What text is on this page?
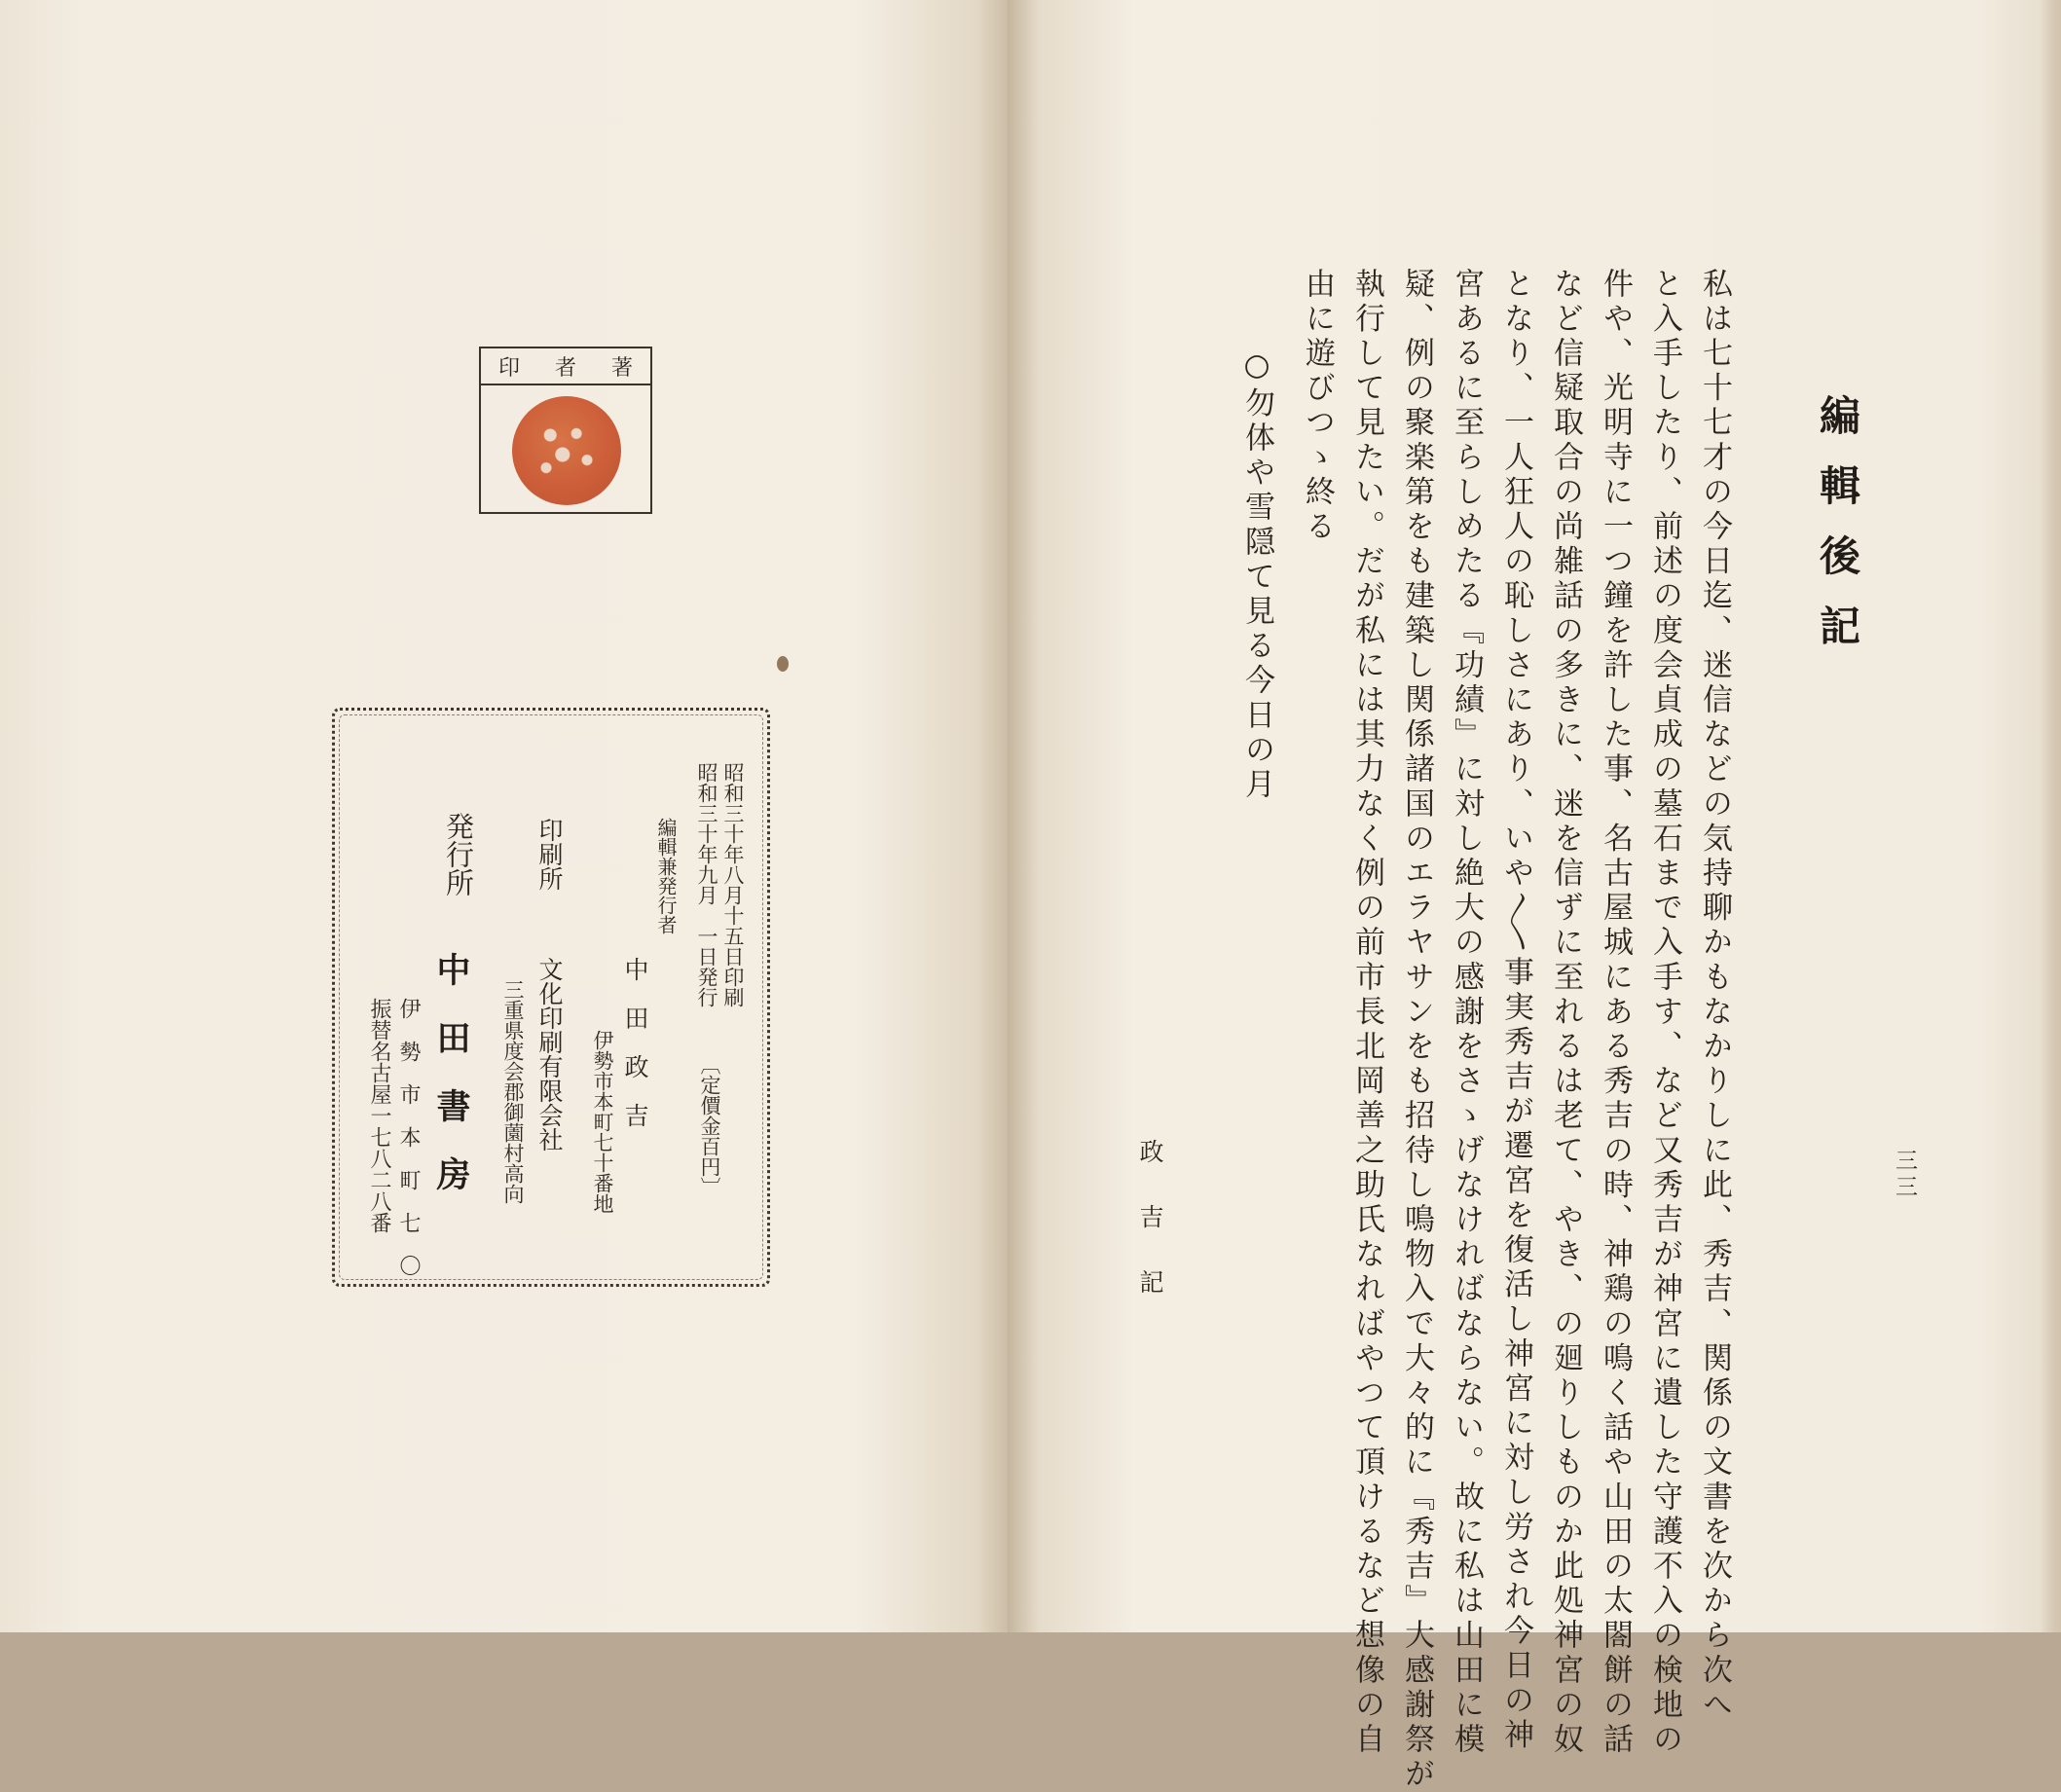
印 者 著
昭和三十年八月十五日印刷
昭和三十年九月　一日発行
〔定價金百円〕
編輯兼発行者
中　田　政　吉
伊勢市本町七十番地
印刷所
文化印刷有限会社
三重県度会郡御薗村高向
発行所
中　田　書　房
伊　勢　市　本　町　七　〇
振替名古屋一七八二八番
編輯後記
三三
私は七十七才の今日迄、迷信などの気持聊かもなかりしに此、秀吉、関係の文書を次から次へ
と入手したり、前述の度会貞成の墓石まで入手す、など又秀吉が神宮に遺した守護不入の検地の
件や、光明寺に一つ鐘を許した事、名古屋城にある秀吉の時、神鶏の鳴く話や山田の太閤餅の話
など信疑取合の尚雑話の多きに、迷を信ずに至れるは老て、やき、の廻りしものか此処神宮の奴
となり、一人狂人の恥しさにあり、いや〳〵事実秀吉が遷宮を復活し神宮に対し労され今日の神
宮あるに至らしめたる『功績』に対し絶大の感謝をさゝげなければならない。故に私は山田に模
疑、例の聚楽第をも建築し関係諸国のエラヤサンをも招待し鳴物入で大々的に『秀吉』大感謝祭が
執行して見たい。だが私には其力なく例の前市長北岡善之助氏なればやつて頂けるなど想像の自
由に遊びつゝ終る
○勿体や雪隠て見る今日の月
政吉記
